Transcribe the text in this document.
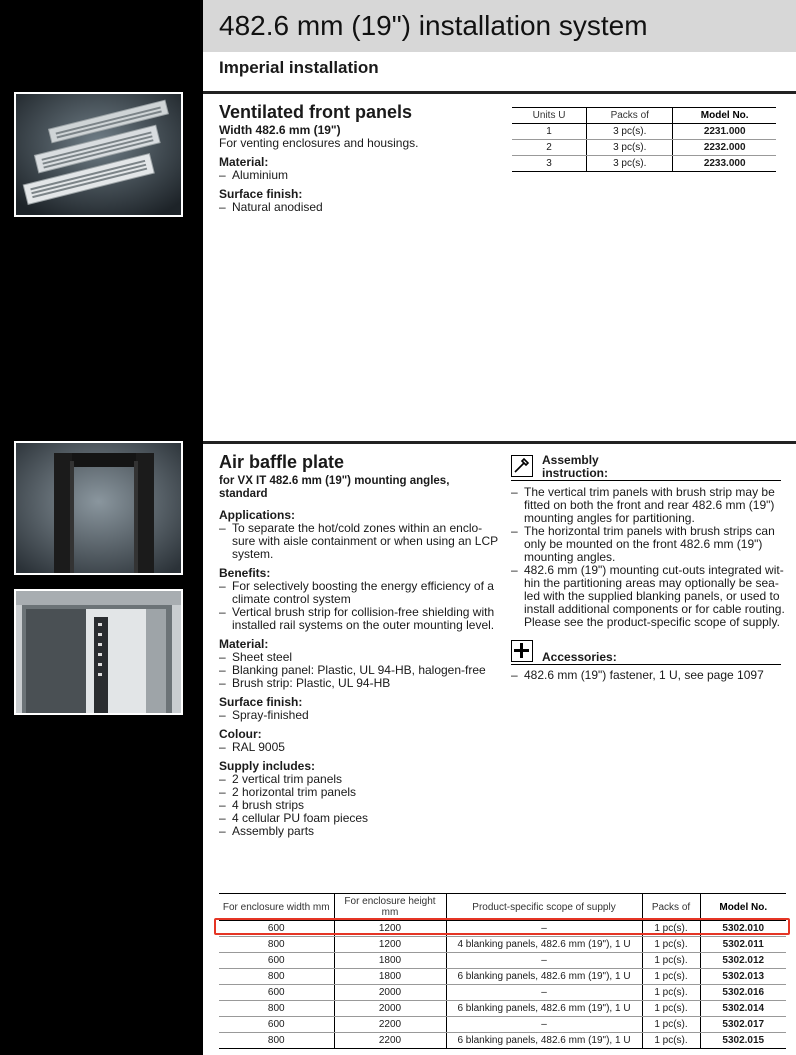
482.6 mm (19") installation system
Imperial installation
Ventilated front panels

Width 482.6 mm (19")

For venting enclosures and housings.

Material:
– Aluminium
Surface finish:
– Natural anodised
Units U	Packs of	Model No.
1	3 pc(s).	2231.000
2	3 pc(s).	2232.000
3	3 pc(s).	2233.000
Air baffle plate
for VX IT 482.6 mm (19") mounting angles, standard
Applications:
– To separate the hot/cold zones within an enclo-sure with aisle containment or when using an LCP system.
Benefits:
– For selectively boosting the energy efficiency of a climate control system
– Vertical brush strip for collision-free shielding with installed rail systems on the outer mounting level.
Material:
– Sheet steel
– Blanking panel: Plastic, UL 94-HB, halogen-free
– Brush strip: Plastic, UL 94-HB
Surface finish:
– Spray-finished
Colour:
– RAL 9005
Supply includes:
– 2 vertical trim panels
– 2 horizontal trim panels
– 4 brush strips
– 4 cellular PU foam pieces
– Assembly parts
Assembly instruction:
– The vertical trim panels with brush strip may be fitted on both the front and rear 482.6 mm (19") mounting angles for partitioning.
– The horizontal trim panels with brush strips can only be mounted on the front 482.6 mm (19") mounting angles.
– 482.6 mm (19") mounting cut-outs integrated wit-hin the partitioning areas may optionally be sea-led with the supplied blanking panels, or used to install additional components or for cable routing. Please see the product-specific scope of supply.
Accessories:
– 482.6 mm (19") fastener, 1 U, see page 1097
For enclosure width mm	For enclosure height mm	Product-specific scope of supply	Packs of	Model No.
600	1200	–	1 pc(s).	5302.010
800	1200	4 blanking panels, 482.6 mm (19"), 1 U	1 pc(s).	5302.011
600	1800	–	1 pc(s).	5302.012
800	1800	6 blanking panels, 482.6 mm (19"), 1 U	1 pc(s).	5302.013
600	2000	–	1 pc(s).	5302.016
800	2000	6 blanking panels, 482.6 mm (19"), 1 U	1 pc(s).	5302.014
600	2200	–	1 pc(s).	5302.017
800	2200	6 blanking panels, 482.6 mm (19"), 1 U	1 pc(s).	5302.015
